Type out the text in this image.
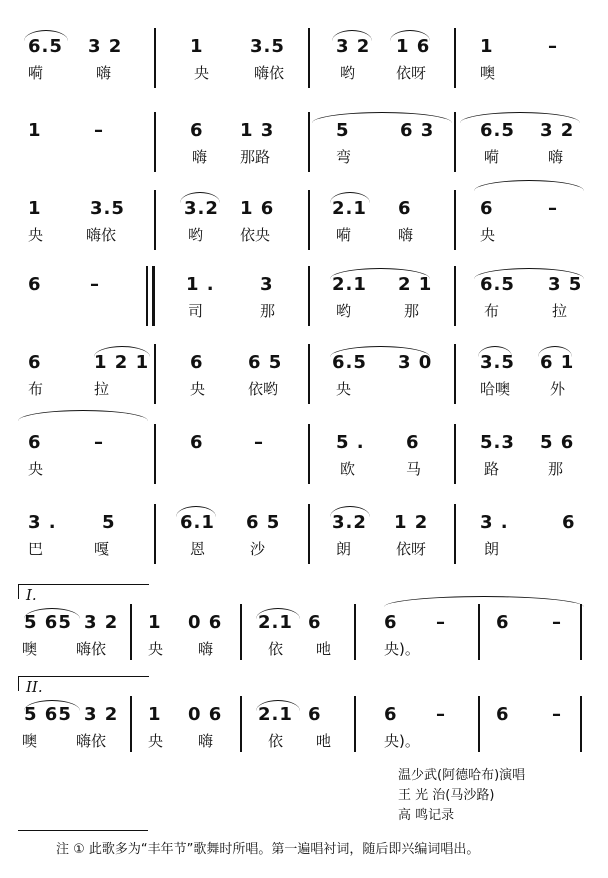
6.5 3 2	1	3.5	3 2 1 6	1	–
嗬	嗨	央	嗨依	哟	依呀	噢
1	–	6 1 3	5	6 3	6.5 3 2
嗨 那路	弯	嗬	嗨
1	3.5	3.2 1 6	2.1 6	6	–
央	嗨依	哟 依央	嗬	嗨	央
6	–	1 .	3	2.1 2 1	6.5 3 5
司	那	哟	那	布	拉
6	1 2 1 6 6 5	6.5 3 0	3.5 6 1
布	拉	央	依哟	央	哈噢	外
6	–	6	–	5 . 6	5.3 5 6
央	欧	马	路	那
3 .	5	6.1 6 5	3.2 1 2	3 .	6
巴	嘎	恩	沙	朗	依呀	朗
I.
5 65 3 2 1 0 6 2.1 6	6 –	6 –
噢	嗨依	央 嗨	依 吔	央)。
II.
5 65 3 2 1 0 6 2.1 6	6 –	6 –
噢	嗨依	央 嗨	依 吔	央)。
温少武(阿德哈布)演唱
王 光 治(马沙路)
高 鸣记录
注 ① 此歌多为“丰年节”歌舞时所唱。第一遍唱衬词，随后即兴编词唱出。
